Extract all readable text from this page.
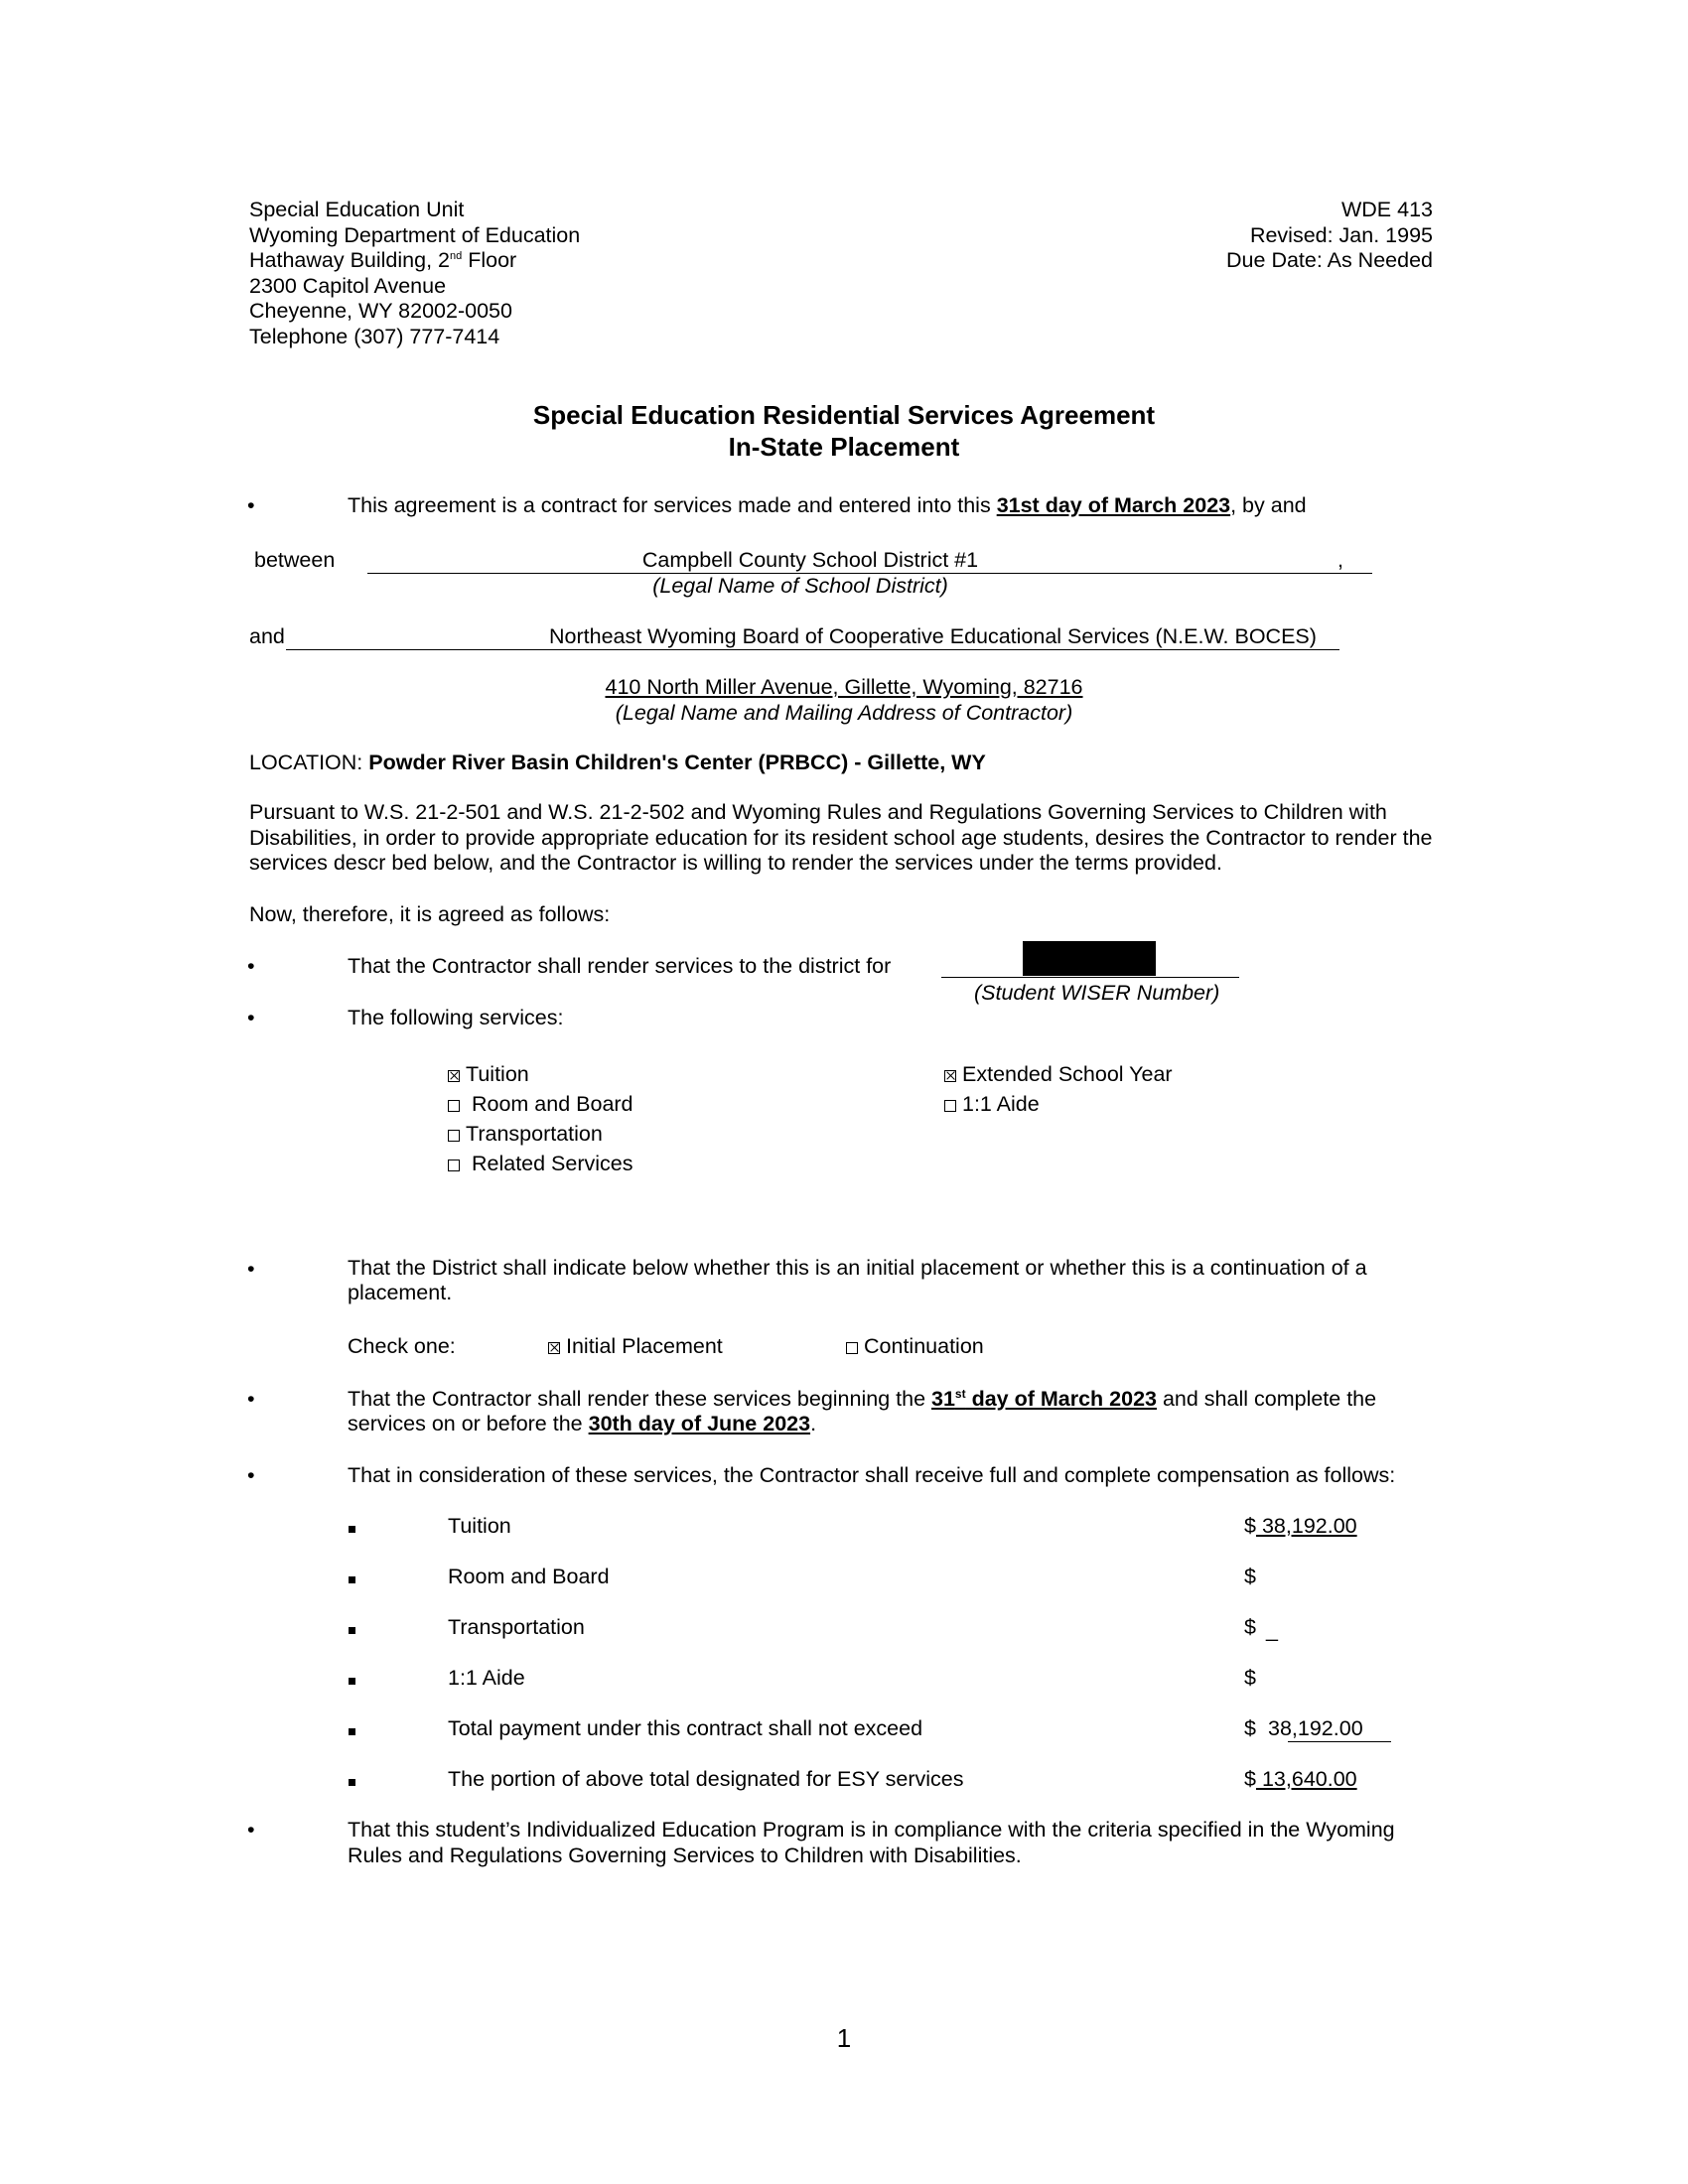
Special Education Unit
Wyoming Department of Education
Hathaway Building, 2nd Floor
2300 Capitol Avenue
Cheyenne, WY 82002-0050
Telephone (307) 777-7414
WDE 413
Revised: Jan. 1995
Due Date: As Needed
Special Education Residential Services Agreement
In-State Placement
•	This agreement is a contract for services made and entered into this 31st day of March 2023, by and
between	Campbell County School District #1	,
(Legal Name of School District)
and	Northeast Wyoming Board of Cooperative Educational Services (N.E.W. BOCES)
410 North Miller Avenue, Gillette, Wyoming, 82716
(Legal Name and Mailing Address of Contractor)
LOCATION: Powder River Basin Children's Center (PRBCC) - Gillette, WY
Pursuant to W.S. 21-2-501 and W.S. 21-2-502 and Wyoming Rules and Regulations Governing Services to Children with Disabilities, in order to provide appropriate education for its resident school age students, desires the Contractor to render the services descr bed below, and the Contractor is willing to render the services under the terms provided.
Now, therefore, it is agreed as follows:
•	That the Contractor shall render services to the district for
(Student WISER Number)
•	The following services:
Tuition
Room and Board
Transportation
Related Services
Extended School Year
1:1 Aide
•	That the District shall indicate below whether this is an initial placement or whether this is a continuation of a placement.
Check one:	Initial Placement	Continuation
•	That the Contractor shall render these services beginning the 31st day of March 2023 and shall complete the
services on or before the 30th day of June 2023.
•	That in consideration of these services, the Contractor shall receive full and complete compensation as follows:
Tuition	$ 38,192.00
Room and Board	$
Transportation	$ _
1:1 Aide	$
Total payment under this contract shall not exceed	$ 38,192.00
The portion of above total designated for ESY services	$ 13,640.00
•	That this student’s Individualized Education Program is in compliance with the criteria specified in the Wyoming Rules and Regulations Governing Services to Children with Disabilities.
1
